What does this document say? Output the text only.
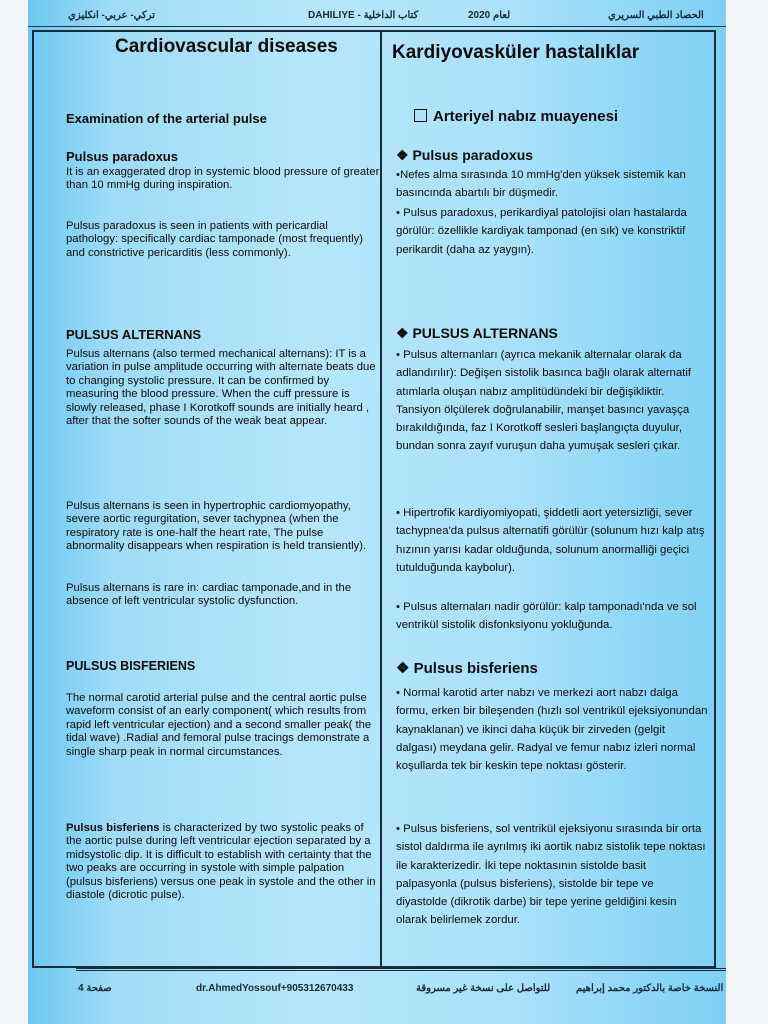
تركي- عربي- انكليزي	DAHILIYE - كتاب الداخلية	لعام 2020	الحصاد الطبي السريري
Cardiovascular diseases
Examination of the arterial pulse
Pulsus paradoxus

It is an exaggerated drop in systemic blood pressure of greater than 10 mmHg during inspiration.

Pulsus paradoxus is seen in patients with pericardial pathology: specifically cardiac tamponade (most frequently) and constrictive pericarditis (less commonly).

PULSUS ALTERNANS

Pulsus alternans (also termed mechanical alternans): IT is a variation in pulse amplitude occurring with alternate beats due to changing systolic pressure. It can be confirmed by measuring the blood pressure. When the cuff pressure is slowly released, phase I Korotkoff sounds are initially heard , after that the softer sounds of the weak beat appear.

Pulsus alternans is seen in hypertrophic cardiomyopathy, severe aortic regurgitation, sever tachypnea (when the respiratory rate is one-half the heart rate, The pulse abnormality disappears when respiration is held transiently).

Pulsus alternans is rare in: cardiac tamponade,and in the absence of left ventricular systolic dysfunction.

PULSUS BISFERIENS

The normal carotid arterial pulse and the central aortic pulse waveform consist of an early component( which results from rapid left ventricular ejection) and a second smaller peak( the tidal wave) .Radial and femoral pulse tracings demonstrate a single sharp peak in normal circumstances.

Pulsus bisferiens is characterized by two systolic peaks of the aortic pulse during left ventricular ejection separated by a midsystolic dip. It is difficult to establish with certainty that the two peaks are occurring in systole with simple palpation (pulsus bisferiens) versus one peak in systole and the other in diastole (dicrotic pulse).

Kardiyovasküler hastalıklar
Arteriyel nabız muayenesi
❖ Pulsus paradoxus

•Nefes alma sırasında 10 mmHg'den yüksek sistemik kan basıncında abartılı bir düşmedir.

• Pulsus paradoxus, perikardiyal patolojisi olan hastalarda görülür: özellikle kardiyak tamponad (en sık) ve konstriktif perikardit (daha az yaygın).

❖ PULSUS ALTERNANS

• Pulsus alternanları (ayrıca mekanik alternalar olarak da adlandırılır): Değişen sistolik basınca bağlı olarak alternatif atımlarla oluşan nabız amplitüdündeki bir değişikliktir. Tansiyon ölçülerek doğrulanabilir, manşet basıncı yavaşça bırakıldığında, faz I Korotkoff sesleri başlangıçta duyulur, bundan sonra zayıf vuruşun daha yumuşak sesleri çıkar.

• Hipertrofik kardiyomiyopati, şiddetli aort yetersizliği, sever tachypnea'da pulsus alternatifi görülür (solunum hızı kalp atış hızının yarısı kadar olduğunda, solunum anormalliği geçici tutulduğunda kaybolur).

• Pulsus alternaları nadir görülür: kalp tamponadı'nda ve sol ventrikül sistolik disfonksiyonu yokluğunda.

❖ Pulsus bisferiens

• Normal karotid arter nabzı ve merkezi aort nabzı dalga formu, erken bir bileşenden (hızlı sol ventrikül ejeksiyonundan kaynaklanan) ve ikinci daha küçük bir zirveden (gelgit dalgası) meydana gelir. Radyal ve femur nabız izleri normal koşullarda tek bir keskin tepe noktası gösterir.

• Pulsus bisferiens, sol ventrikül ejeksiyonu sırasında bir orta sistol daldırma ile ayrılmış iki aortik nabız sistolik tepe noktası ile karakterizedir. İki tepe noktasının sistolde basit palpasyonla (pulsus bisferiens), sistolde bir tepe ve diyastolde (dikrotik darbe) bir tepe yerine geldiğini kesin olarak belirlemek zordur.

صفحة 4	dr.AhmedYossouf+905312670433	للتواصل على نسخة غير مسروقة	النسخة خاصة بالدكتور محمد إبراهيم
